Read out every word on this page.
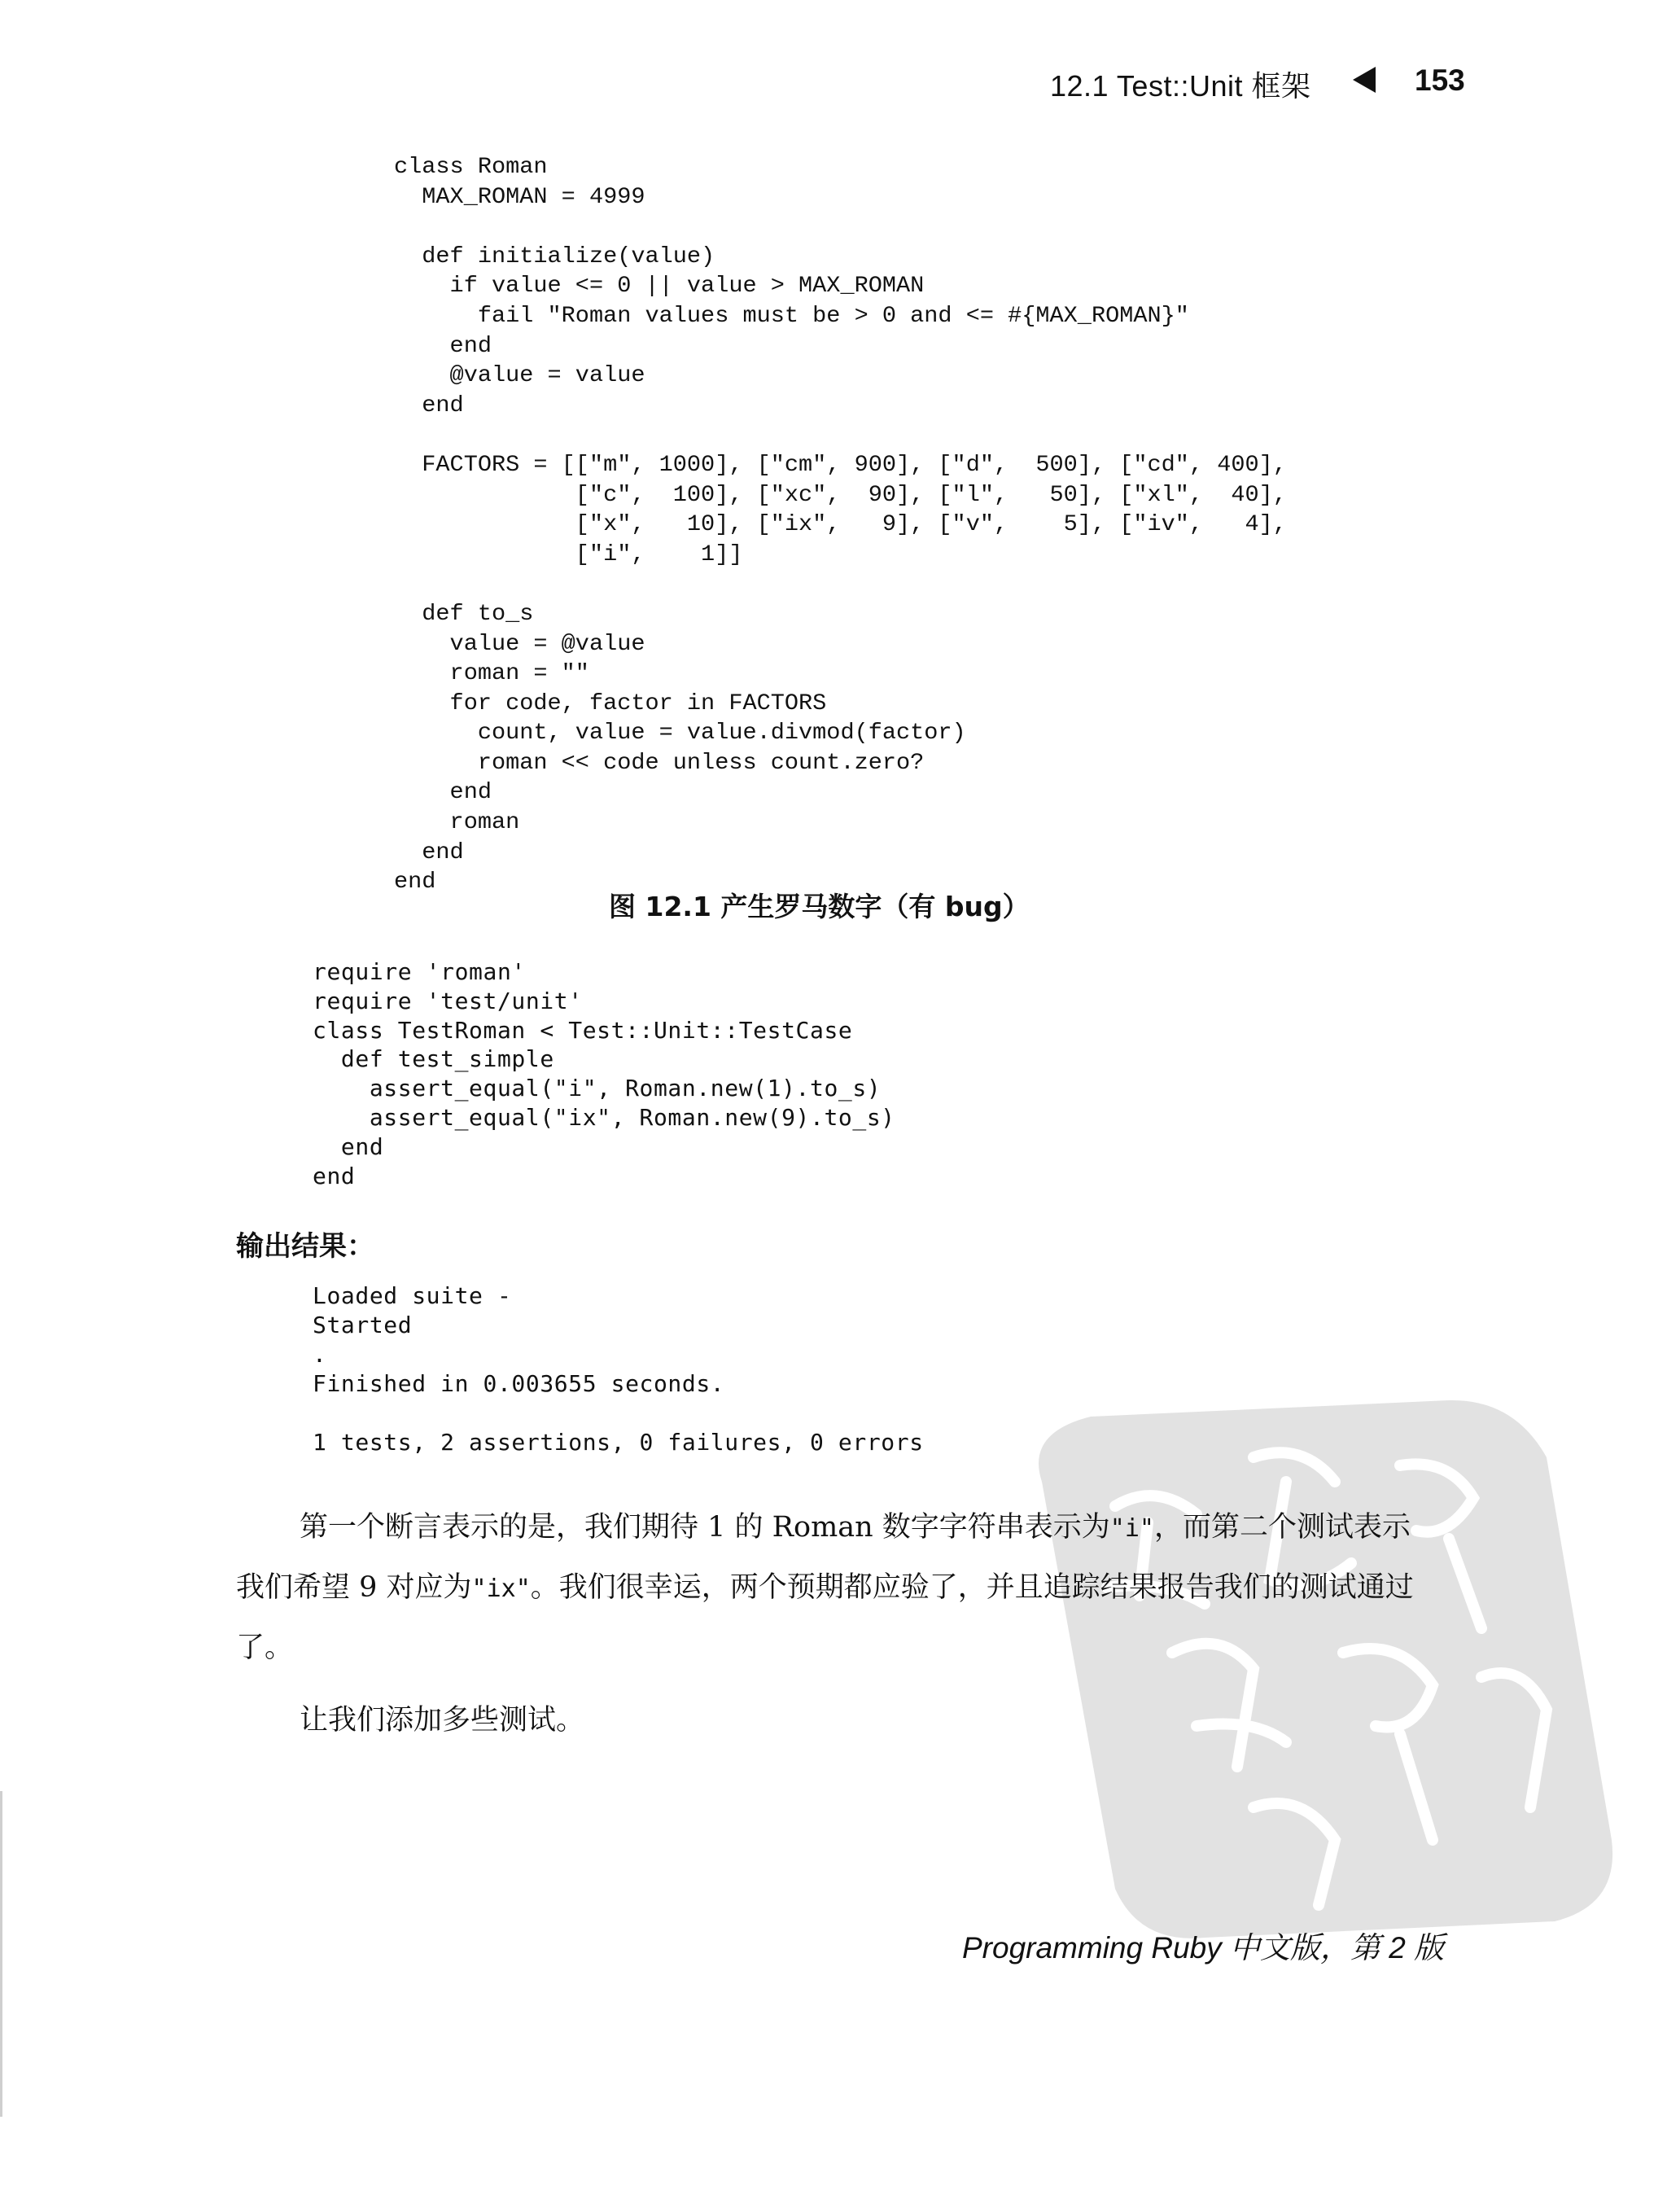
12.1 Test::Unit 框架	153
class Roman
MAX_ROMAN = 4999

def initialize(value)
if value <= 0 || value > MAX_ROMAN
fail "Roman values must be > 0 and <= #{MAX_ROMAN}"
end
@value = value
end

FACTORS = [["m", 1000], ["cm", 900], ["d",  500], ["cd", 400],
["c",  100], ["xc",  90], ["l",   50], ["xl",  40],
["x",   10], ["ix",   9], ["v",    5], ["iv",   4],
["i",    1]]

def to_s
value = @value
roman = ""
for code, factor in FACTORS
count, value = value.divmod(factor)
roman << code unless count.zero?
end
roman
end
end
图 12.1 产生罗马数字（有 bug）
require 'roman'
require 'test/unit'
class TestRoman < Test::Unit::TestCase
def test_simple
assert_equal("i", Roman.new(1).to_s)
assert_equal("ix", Roman.new(9).to_s)
end
end
输出结果：
Loaded suite -
Started
.
Finished in 0.003655 seconds.

1 tests, 2 assertions, 0 failures, 0 errors
第一个断言表示的是，我们期待 1 的 Roman 数字字符串表示为"i"，而第二个测试表示我们希望 9 对应为"ix"。我们很幸运，两个预期都应验了，并且追踪结果报告我们的测试通过了。
让我们添加多些测试。
Programming Ruby 中文版，第 2 版
